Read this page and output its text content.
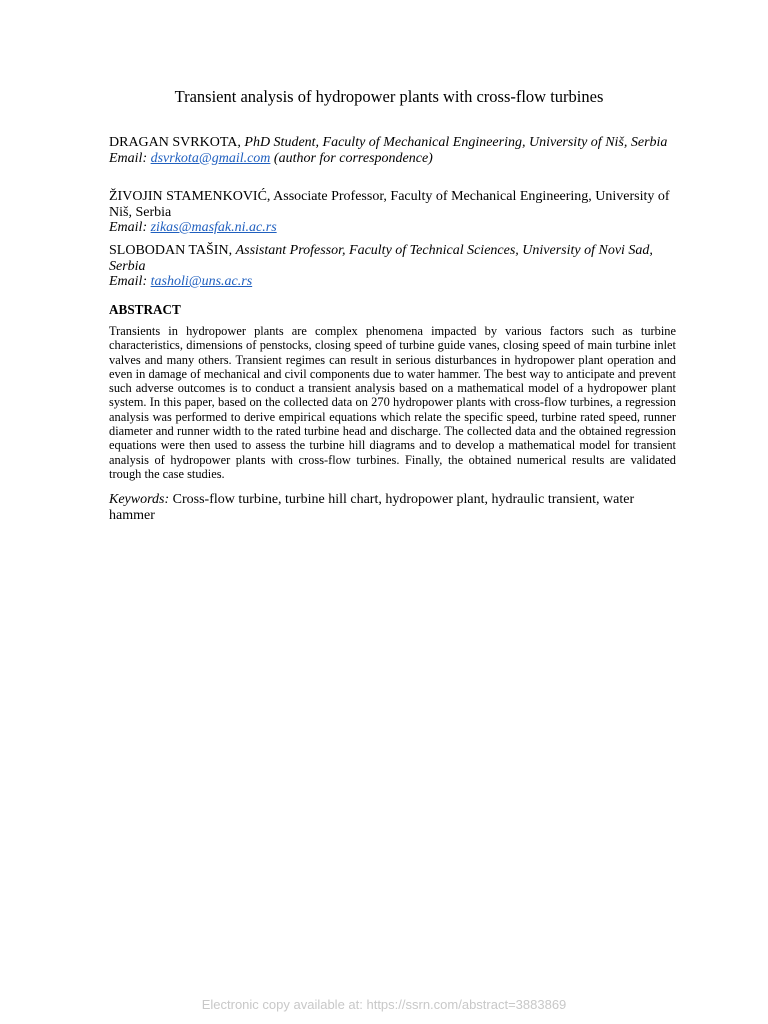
Transient analysis of hydropower plants with cross-flow turbines
DRAGAN SVRKOTA, PhD Student, Faculty of Mechanical Engineering, University of Niš, Serbia
Email: dsvrkota@gmail.com (author for correspondence)
ŽIVOJIN STAMENKOVIĆ, Associate Professor, Faculty of Mechanical Engineering, University of Niš, Serbia
Email: zikas@masfak.ni.ac.rs
SLOBODAN TAŠIN, Assistant Professor, Faculty of Technical Sciences, University of Novi Sad, Serbia
Email: tasholi@uns.ac.rs
ABSTRACT

Transients in hydropower plants are complex phenomena impacted by various factors such as turbine characteristics, dimensions of penstocks, closing speed of turbine guide vanes, closing speed of main turbine inlet valves and many others. Transient regimes can result in serious disturbances in hydropower plant operation and even in damage of mechanical and civil components due to water hammer. The best way to anticipate and prevent such adverse outcomes is to conduct a transient analysis based on a mathematical model of a hydropower plant system. In this paper, based on the collected data on 270 hydropower plants with cross-flow turbines, a regression analysis was performed to derive empirical equations which relate the specific speed, turbine rated speed, runner diameter and runner width to the rated turbine head and discharge. The collected data and the obtained regression equations were then used to assess the turbine hill diagrams and to develop a mathematical model for transient analysis of hydropower plants with cross-flow turbines. Finally, the obtained numerical results are validated trough the case studies.

Keywords: Cross-flow turbine, turbine hill chart, hydropower plant, hydraulic transient, water hammer

Electronic copy available at: https://ssrn.com/abstract=3883869
